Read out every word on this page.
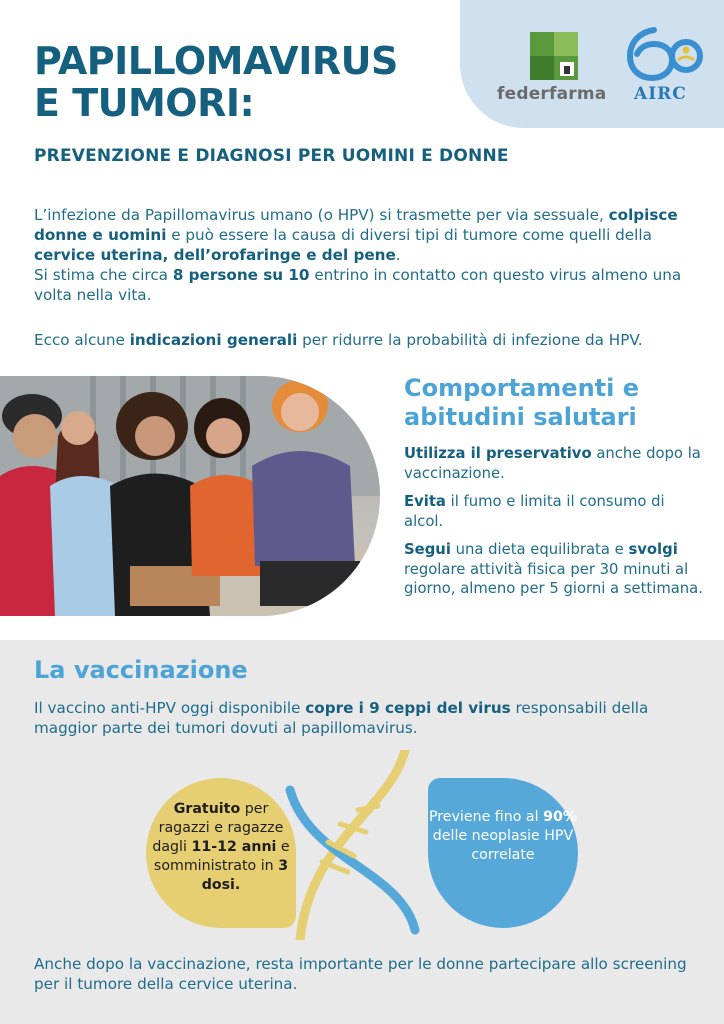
federfarma AIRC
PAPILLOMAVIRUS
E TUMORI:
PREVENZIONE E DIAGNOSI PER UOMINI E DONNE

L’infezione da Papillomavirus umano (o HPV) si trasmette per via sessuale, colpisce donne e uomini e può essere la causa di diversi tipi di tumore come quelli della cervice uterina, dell’orofaringe e del pene.

Si stima che circa 8 persone su 10 entrino in contatto con questo virus almeno una volta nella vita.

Ecco alcune indicazioni generali per ridurre la probabilità di infezione da HPV.

Comportamenti e
abitudini salutari

Utilizza il preservativo anche dopo la vaccinazione.

Evita il fumo e limita il consumo di alcol.

Segui una dieta equilibrata e svolgi regolare attività fisica per 30 minuti al giorno, almeno per 5 giorni a settimana.

La vaccinazione

Il vaccino anti-HPV oggi disponibile copre i 9 ceppi del virus responsabili della maggior parte dei tumori dovuti al papillomavirus.

Gratuito per ragazzi e ragazze dagli 11-12 anni e somministrato in 3 dosi.
Previene fino al 90% delle neoplasie HPV correlate

Anche dopo la vaccinazione, resta importante per le donne partecipare allo screening per il tumore della cervice uterina.
